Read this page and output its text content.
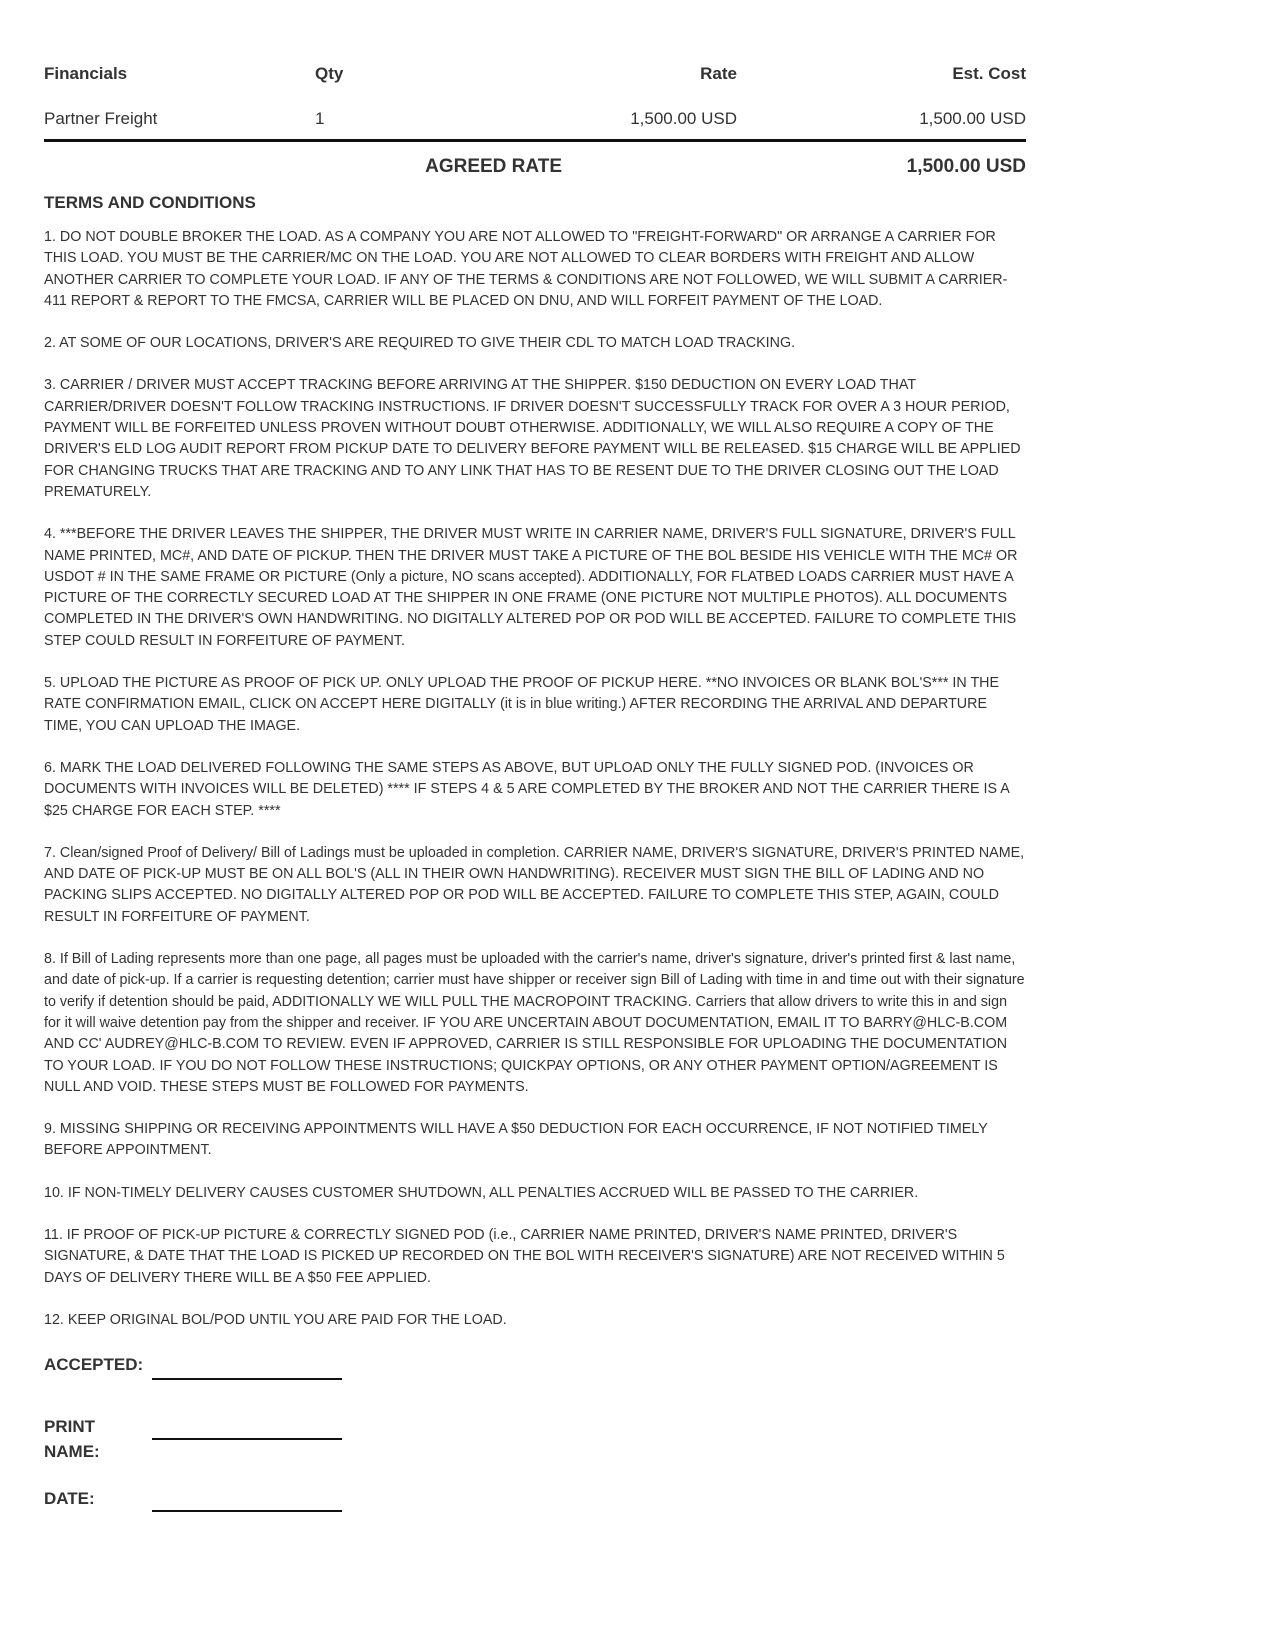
Financials	Qty	Rate	Est. Cost
Partner Freight	1	1,500.00 USD	1,500.00 USD
AGREED RATE	1,500.00 USD
TERMS AND CONDITIONS

1. DO NOT DOUBLE BROKER THE LOAD. AS A COMPANY YOU ARE NOT ALLOWED TO "FREIGHT-FORWARD" OR ARRANGE A CARRIER FOR THIS LOAD. YOU MUST BE THE CARRIER/MC ON THE LOAD. YOU ARE NOT ALLOWED TO CLEAR BORDERS WITH FREIGHT AND ALLOW ANOTHER CARRIER TO COMPLETE YOUR LOAD. IF ANY OF THE TERMS & CONDITIONS ARE NOT FOLLOWED, WE WILL SUBMIT A CARRIER-411 REPORT & REPORT TO THE FMCSA, CARRIER WILL BE PLACED ON DNU, AND WILL FORFEIT PAYMENT OF THE LOAD.

2. AT SOME OF OUR LOCATIONS, DRIVER'S ARE REQUIRED TO GIVE THEIR CDL TO MATCH LOAD TRACKING.

3. CARRIER / DRIVER MUST ACCEPT TRACKING BEFORE ARRIVING AT THE SHIPPER. $150 DEDUCTION ON EVERY LOAD THAT CARRIER/DRIVER DOESN'T FOLLOW TRACKING INSTRUCTIONS. IF DRIVER DOESN'T SUCCESSFULLY TRACK FOR OVER A 3 HOUR PERIOD, PAYMENT WILL BE FORFEITED UNLESS PROVEN WITHOUT DOUBT OTHERWISE. ADDITIONALLY, WE WILL ALSO REQUIRE A COPY OF THE DRIVER'S ELD LOG AUDIT REPORT FROM PICKUP DATE TO DELIVERY BEFORE PAYMENT WILL BE RELEASED. $15 CHARGE WILL BE APPLIED FOR CHANGING TRUCKS THAT ARE TRACKING AND TO ANY LINK THAT HAS TO BE RESENT DUE TO THE DRIVER CLOSING OUT THE LOAD PREMATURELY.

4. ***BEFORE THE DRIVER LEAVES THE SHIPPER, THE DRIVER MUST WRITE IN CARRIER NAME, DRIVER'S FULL SIGNATURE, DRIVER'S FULL NAME PRINTED, MC#, AND DATE OF PICKUP. THEN THE DRIVER MUST TAKE A PICTURE OF THE BOL BESIDE HIS VEHICLE WITH THE MC# OR USDOT # IN THE SAME FRAME OR PICTURE (Only a picture, NO scans accepted). ADDITIONALLY, FOR FLATBED LOADS CARRIER MUST HAVE A PICTURE OF THE CORRECTLY SECURED LOAD AT THE SHIPPER IN ONE FRAME (ONE PICTURE NOT MULTIPLE PHOTOS). ALL DOCUMENTS COMPLETED IN THE DRIVER'S OWN HANDWRITING. NO DIGITALLY ALTERED POP OR POD WILL BE ACCEPTED. FAILURE TO COMPLETE THIS STEP COULD RESULT IN FORFEITURE OF PAYMENT.

5. UPLOAD THE PICTURE AS PROOF OF PICK UP. ONLY UPLOAD THE PROOF OF PICKUP HERE. **NO INVOICES OR BLANK BOL'S*** IN THE RATE CONFIRMATION EMAIL, CLICK ON ACCEPT HERE DIGITALLY (it is in blue writing.) AFTER RECORDING THE ARRIVAL AND DEPARTURE TIME, YOU CAN UPLOAD THE IMAGE.

6. MARK THE LOAD DELIVERED FOLLOWING THE SAME STEPS AS ABOVE, BUT UPLOAD ONLY THE FULLY SIGNED POD. (INVOICES OR DOCUMENTS WITH INVOICES WILL BE DELETED) **** IF STEPS 4 & 5 ARE COMPLETED BY THE BROKER AND NOT THE CARRIER THERE IS A $25 CHARGE FOR EACH STEP. ****

7. Clean/signed Proof of Delivery/ Bill of Ladings must be uploaded in completion. CARRIER NAME, DRIVER'S SIGNATURE, DRIVER'S PRINTED NAME, AND DATE OF PICK-UP MUST BE ON ALL BOL'S (ALL IN THEIR OWN HANDWRITING). RECEIVER MUST SIGN THE BILL OF LADING AND NO PACKING SLIPS ACCEPTED. NO DIGITALLY ALTERED POP OR POD WILL BE ACCEPTED. FAILURE TO COMPLETE THIS STEP, AGAIN, COULD RESULT IN FORFEITURE OF PAYMENT.

8. If Bill of Lading represents more than one page, all pages must be uploaded with the carrier's name, driver's signature, driver's printed first & last name, and date of pick-up. If a carrier is requesting detention; carrier must have shipper or receiver sign Bill of Lading with time in and time out with their signature to verify if detention should be paid, ADDITIONALLY WE WILL PULL THE MACROPOINT TRACKING. Carriers that allow drivers to write this in and sign for it will waive detention pay from the shipper and receiver. IF YOU ARE UNCERTAIN ABOUT DOCUMENTATION, EMAIL IT TO BARRY@HLC-B.COM AND CC' AUDREY@HLC-B.COM TO REVIEW. EVEN IF APPROVED, CARRIER IS STILL RESPONSIBLE FOR UPLOADING THE DOCUMENTATION TO YOUR LOAD. IF YOU DO NOT FOLLOW THESE INSTRUCTIONS; QUICKPAY OPTIONS, OR ANY OTHER PAYMENT OPTION/AGREEMENT IS NULL AND VOID. THESE STEPS MUST BE FOLLOWED FOR PAYMENTS.

9. MISSING SHIPPING OR RECEIVING APPOINTMENTS WILL HAVE A $50 DEDUCTION FOR EACH OCCURRENCE, IF NOT NOTIFIED TIMELY BEFORE APPOINTMENT.

10. IF NON-TIMELY DELIVERY CAUSES CUSTOMER SHUTDOWN, ALL PENALTIES ACCRUED WILL BE PASSED TO THE CARRIER.

11. IF PROOF OF PICK-UP PICTURE & CORRECTLY SIGNED POD (i.e., CARRIER NAME PRINTED, DRIVER'S NAME PRINTED, DRIVER'S SIGNATURE, & DATE THAT THE LOAD IS PICKED UP RECORDED ON THE BOL WITH RECEIVER'S SIGNATURE) ARE NOT RECEIVED WITHIN 5 DAYS OF DELIVERY THERE WILL BE A $50 FEE APPLIED.

12. KEEP ORIGINAL BOL/POD UNTIL YOU ARE PAID FOR THE LOAD.

ACCEPTED:
PRINT
NAME:
DATE:
